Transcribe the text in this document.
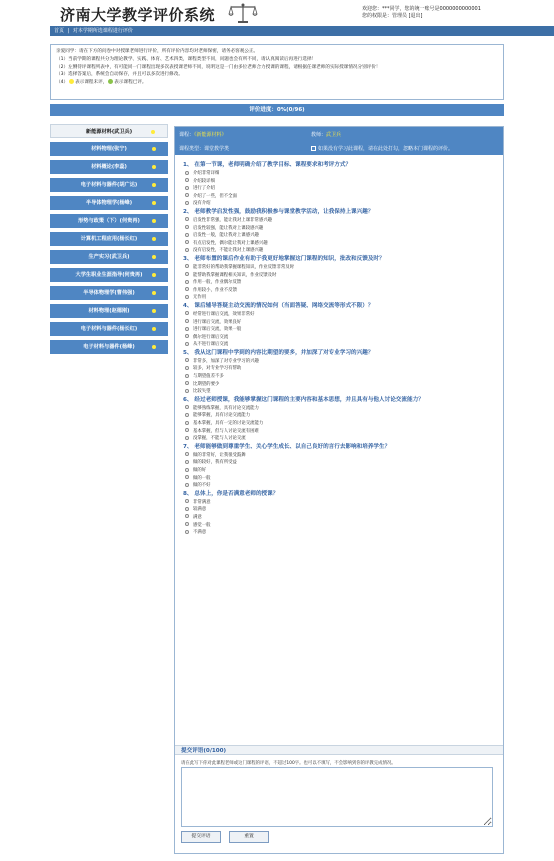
济南大学教学评价系统	欢迎您：***同学，您的统一账号是0000000000001
您的权限是：管理员 [退出]
首页 | 对本学期所选课程进行评价
亲爱同学：请在下方的问卷中对授课老师进行评价，所有评价内容均对老师保密，请务必客观公正。
（1）当前学期的课程共分为理论教学、实践、体育、艺术四类，课程类型不同，问题也会有所不同，请认真阅读后再进行选择！
（2）左侧待评课程列表中，有可能同一门课程出现多次表授课老师不同，说明这是一门由多位老师合力授课的课程，请根据任课老师的实际授课情况分别评价！
（3）选择答案后，系统会自动保存，并且可以多次进行修改。
（4） 表示课程未评， 表示课程已评。
评价进度：0%(0/96)
新能源材料(武卫兵)
材料物理(张宁)
材料概论(李蕊)
电子材料与器件(胡广达)
半导体物理学(杨峰)
形势与政策（下）(何贵再)
计算机工程应用(杨长红)
生产实习(武卫兵)
大学生职业生涯指导(何贵再)
半导体物理学(曹伟强)
材料物理(赵德刚)
电子材料与器件(杨长红)
电子材料与器件(杨峰)
课程：《新能源材料》	教师：武卫兵
课程类型：课堂教学类	如果没有学习此课程，请在此处打勾，忽略本门课程的评价。
1、 在第一节课，老师明确介绍了教学目标、课程要求和考评方式？
介绍非常详细
介绍较详细
进行了介绍
介绍了一些，但不全面
没有介绍
2、 老师教学启发性强，鼓励我积极参与课堂教学活动，让我保持上课兴趣？
启发性非常强，能让我对上课非常感兴趣
启发性较强，能让我对上课较感兴趣
启发性一般，能让我对上课感兴趣
有点启发性，偶尔能让我对上课感兴趣
没有启发性，不能让我对上课感兴趣
3、 老师布置的课后作业有助于我更好地掌握这门课程的知识，批改和反馈及时？
能非常好的帮助我掌握课程知识，作业反馈非常及时
能帮助我掌握课程相关知识，作业反馈及时
作用一般，作业偶尔反馈
作用较小，作业不反馈
无作用
4、 课后辅导答疑主动交流的情况如何（当面答疑、网络交流等形式不限）？
经常进行课后交流，效果非常好
进行课后交流，效果良好
进行课后交流，效果一般
偶尔进行课后交流
从不进行课后交流
5、 我从这门课程中学到的内容比期望的要多，并加深了对专业学习的兴趣？
非常多，加深了对专业学习的兴趣
较多，对专业学习有帮助
与期望值差不多
比期望的要少
比较失望
6、 经过老师授课，我能够掌握这门课程的主要内容和基本思想，并且具有与他人讨论交流能力？
能够熟练掌握，具有讨论交流能力
能够掌握，具有讨论交流能力
基本掌握，具有一定的讨论交流能力
基本掌握，但与人讨论交流有困难
没掌握，不能与人讨论交流
7、 老师能够做到尊重学生、关心学生成长、以自己良好的言行去影响和培养学生？
做的非常好，让我很受鼓舞
做的较好，我有所受益
做的好
做的一般
做的不好
8、 总体上，你是否满意老师的授课？
非常满意
较满意
满意
感觉一般
不满意
提交评语(0/100)
请在此写下你对此课程老师或这门课程的评语，不超过100字。也可以不填写，不会影响到你的评教完成情况。
提交评语	重置
